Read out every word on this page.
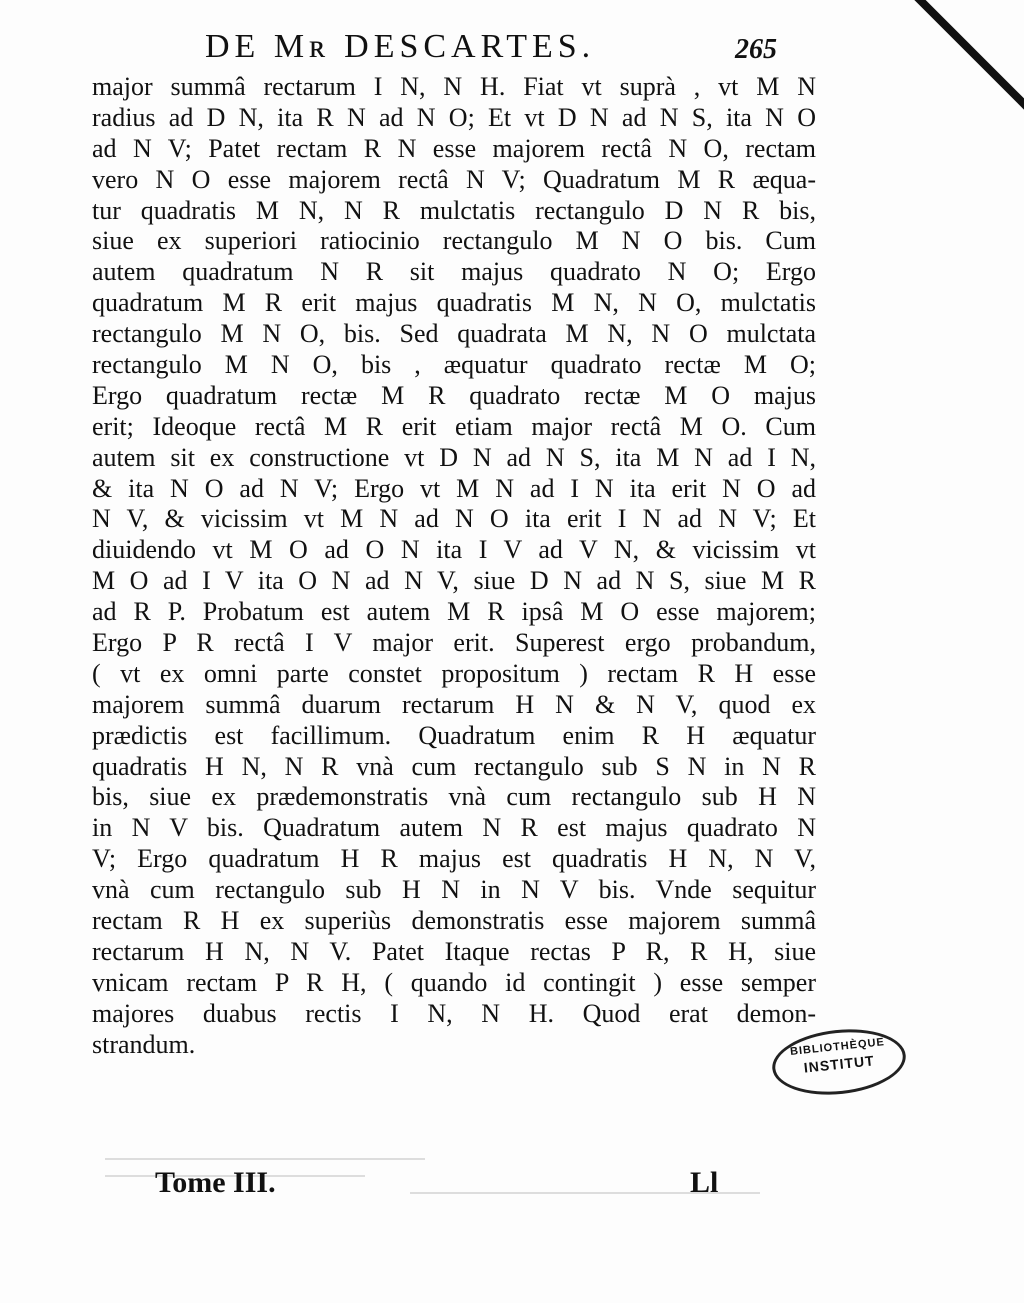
DE Mʀ DESCARTES.	265
major summâ rectarum I N, N H. Fiat vt suprà , vt M N
radius ad D N, ita R N ad N O; Et vt D N ad N S, ita N O
ad N V; Patet rectam R N esse majorem rectâ N O, rectam
vero N O esse majorem rectâ N V; Quadratum M R æqua-
tur quadratis M N, N R mulctatis rectangulo D N R bis,
siue ex superiori ratiocinio rectangulo M N O bis. Cum
autem quadratum N R sit majus quadrato N O; Ergo
quadratum M R erit majus quadratis M N, N O, mulctatis
rectangulo M N O, bis. Sed quadrata M N, N O mulctata
rectangulo M N O, bis , æquatur quadrato rectæ M O;
Ergo quadratum rectæ M R quadrato rectæ M O majus
erit; Ideoque rectâ M R erit etiam major rectâ M O. Cum
autem sit ex constructione vt D N ad N S, ita M N ad I N,
& ita N O ad N V; Ergo vt M N ad I N ita erit N O ad
N V, & vicissim vt M N ad N O ita erit I N ad N V; Et
diuidendo vt M O ad O N ita I V ad V N, & vicissim vt
M O ad I V ita O N ad N V, siue D N ad N S, siue M R
ad R P. Probatum est autem M R ipsâ M O esse majorem;
Ergo P R rectâ I V major erit. Superest ergo probandum,
( vt ex omni parte constet propositum ) rectam R H esse
majorem summâ duarum rectarum H N & N V, quod ex
prædictis est facillimum. Quadratum enim R H æquatur
quadratis H N, N R vnà cum rectangulo sub S N in N R
bis, siue ex prædemonstratis vnà cum rectangulo sub H N
in N V bis. Quadratum autem N R est majus quadrato N
V; Ergo quadratum H R majus est quadratis H N, N V,
vnà cum rectangulo sub H N in N V bis. Vnde sequitur
rectam R H ex superiùs demonstratis esse majorem summâ
rectarum H N, N V. Patet Itaque rectas P R, R H, siue
vnicam rectam P R H, ( quando id contingit ) esse semper
majores duabus rectis I N, N H. Quod erat demon-
strandum.	BIBLIOTHÈQUE
INSTITUT
Tome III.	Ll
